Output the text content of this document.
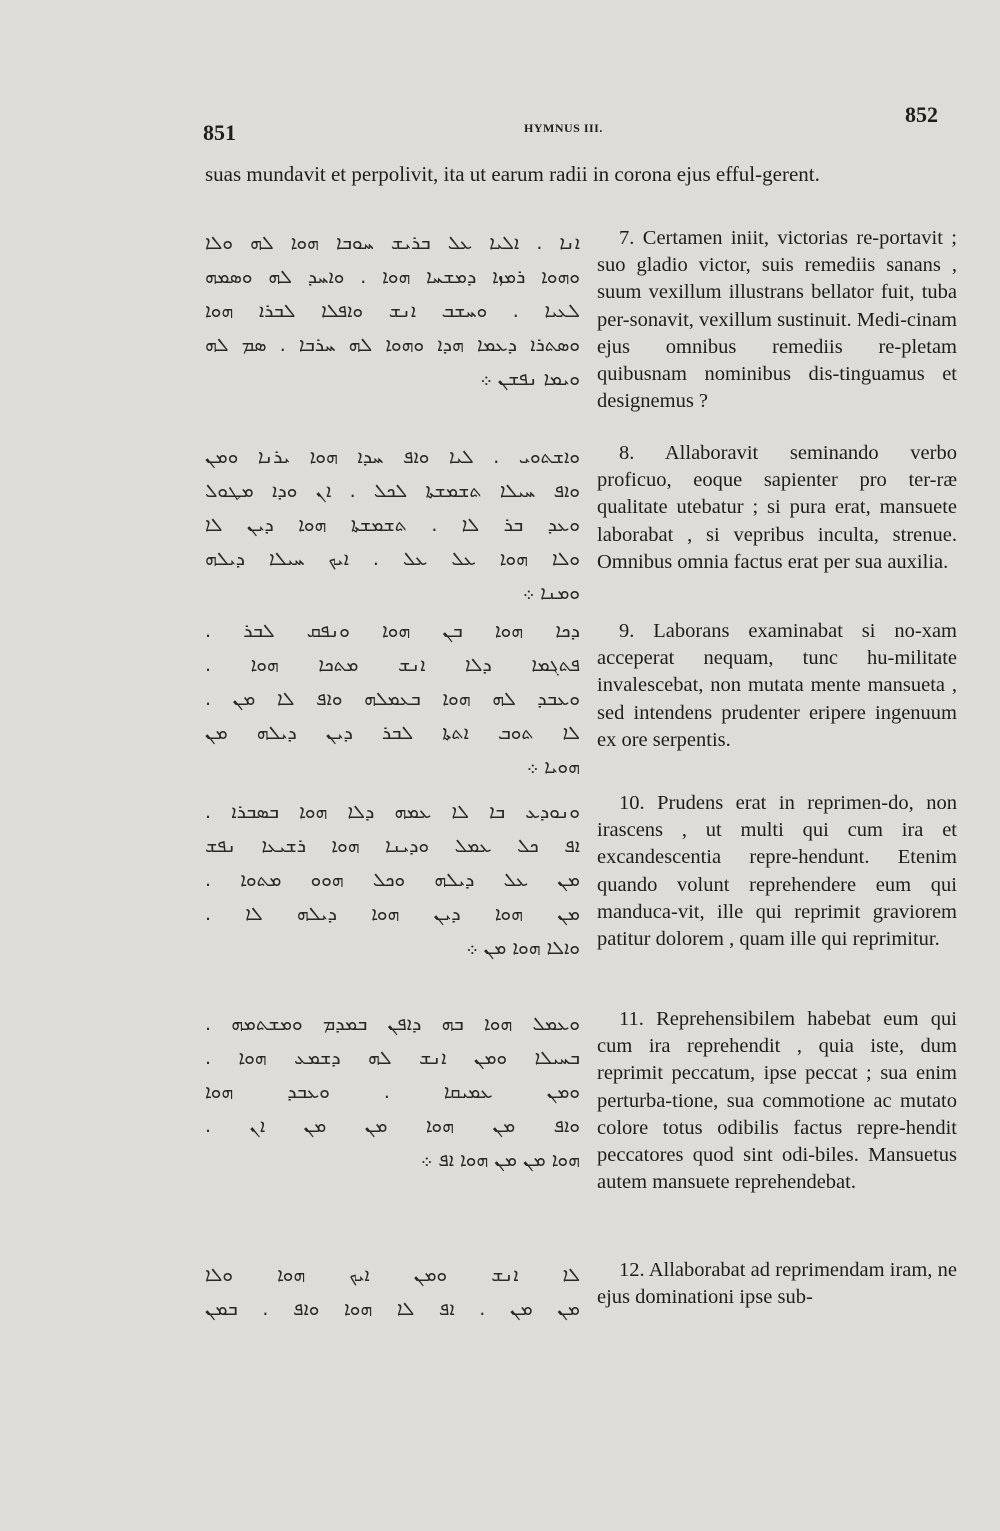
851	HYMNUS III.
852
suas mundavit et perpolivit, ita ut earum radii in corona ejus efful-gerent.
ܐܢܐ . ܐܠܝܐ ܥܠ ܒܪܝܫ ܚܘܒܐ ܗܘܐ ܠܗ ܘܠܐ
ܘܗܘܐ ܪܡܙܐ ܕܡܫܚܐ ܗܘܐ . ܘܐܚܕ ܠܗ ܘܣܡܗ
ܠܥܝܐ . ܘܚܫܒ ܐܢܫ ܘܐܦܠܐ ܠܒܪܐ ܗܘܐ
ܘܣܬܪܐ ܕܥܡܐ ܗܕܐ ܘܗܘܐ ܠܗ ܚܪܒܐ . ܣܡ ܠܗ
ܘܝܡܐ ܢܦܫܢ ܀
ܘܐܫܬܘܝ . ܠܝܐ ܘܐܦ ܚܕܐ ܗܘܐ ܝܪܢܐ ܘܡܢ
ܘܐܦ ܚܝܠܐ ܬܫܡܫܬܐ ܠܟܠ . ܐܢ ܘܕܐ ܡܛܘܠ
ܘܥܕ ܒܪ ܠܐ . ܬܫܡܫܬܐ ܗܘܐ ܕܝܢ ܠܐ
ܘܠܐ ܗܘܐ ܥܠ ܥܠ . ܐܝܟ ܚܝܠܐ ܕܝܠܗ
ܘܡܢܐ ܀
ܕܟܐ ܗܘܐ ܒܢ ܗܘܐ ܘܢܦܩ ܠܒܪ .
ܦܬܓܡܐ ܕܠܐ ܐܢܫ ܡܬܟܐ ܗܘܐ .
ܘܥܒܕ ܠܗ ܗܘܐ ܒܥܡܠܗ ܘܐܦ ܠܐ ܡܢ .
ܠܐ ܬܘܒ ܐܬܬܐ ܠܒܪ ܕܝܢ ܕܝܠܗ ܡܢ
ܗܘܝܐ ܀
ܘܢܘܕܥ ܒܐ ܠܐ ܥܡܗ ܕܠܐ ܗܘܐ ܒܣܒܪܐ .
ܐܦ ܟܠ ܥܡܠ ܘܕܝܢܐ ܗܘܐ ܪܫܝܥܐ ܢܦܫ
ܡܢ ܥܠ ܕܝܠܗ ܘܟܠ ܗܘܘ ܡܬܘܐ .
ܡܢ ܗܘܐ ܕܝܢ ܗܘܐ ܕܝܠܗ ܠܐ .
ܘܐܠܐ ܗܘܐ ܡܢ ܀
ܘܥܡܠ ܗܘܐ ܒܗ ܕܐܦܢ ܒܡܕܡ ܘܡܫܬܡܗ .
ܒܚܝܠܐ ܘܡܢ ܐܢܫ ܠܗ ܕܫܡܥ ܗܘܐ .
ܘܡܢ ܥܡܝܩܐ . ܘܥܒܕ ܗܘܐ
ܘܐܦ ܡܢ ܗܘܐ ܡܢ ܡܢ ܐܢ .
ܗܘܐ ܡܢ ܡܢ ܗܘܐ ܐܦ ܀
ܠܐ ܐܢܫ ܘܡܢ ܐܝܟ ܗܘܐ ܘܠܐ
ܡܢ ܡܢ . ܐܦ ܠܐ ܗܘܐ ܘܐܦ . ܒܡܢ

7. Certamen iniit, victorias re-portavit ; suo gladio victor, suis remediis sanans , suum vexillum illustrans bellator fuit, tuba per-sonavit, vexillum sustinuit. Medi-cinam ejus omnibus remediis re-pletam quibusnam nominibus dis-tinguamus et designemus ?

8. Allaboravit seminando verbo proficuo, eoque sapienter pro ter-ræ qualitate utebatur ; si pura erat, mansuete laborabat , si vepribus inculta, strenue. Omnibus omnia factus erat per sua auxilia.

9. Laborans examinabat si no-xam acceperat nequam, tunc hu-militate invalescebat, non mutata mente mansueta , sed intendens prudenter eripere ingenuum ex ore serpentis.

10. Prudens erat in reprimen-do, non irascens , ut multi qui cum ira et excandescentia repre-hendunt. Etenim quando volunt reprehendere eum qui manduca-vit, ille qui reprimit graviorem patitur dolorem , quam ille qui reprimitur.

11. Reprehensibilem habebat eum qui cum ira reprehendit , quia iste, dum reprimit peccatum, ipse peccat ; sua enim perturba-tione, sua commotione ac mutato colore totus odibilis factus repre-hendit peccatores quod sint odi-biles. Mansuetus autem mansuete reprehendebat.

12. Allaborabat ad reprimendam iram, ne ejus dominationi ipse sub-
